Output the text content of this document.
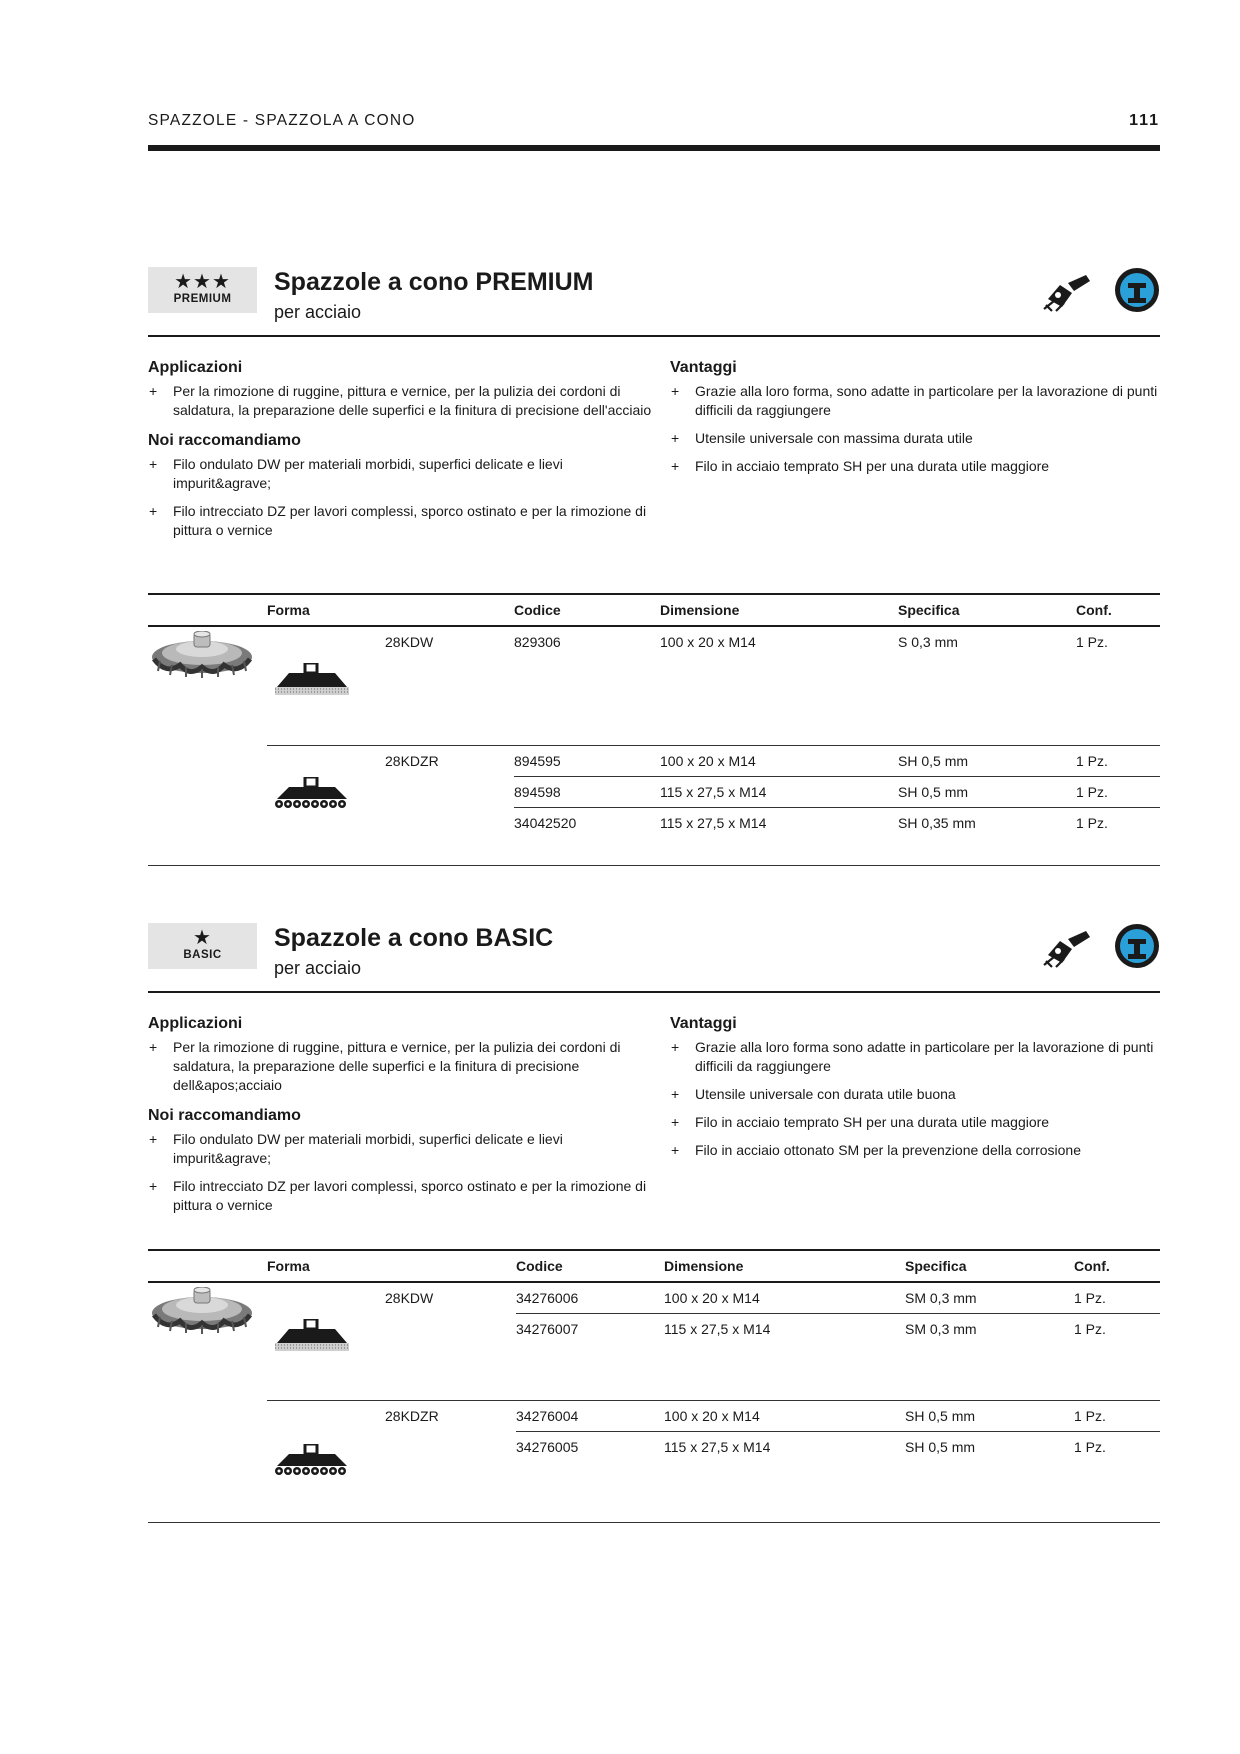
SPAZZOLE - SPAZZOLA A CONO	111
★★★
PREMIUM
Spazzole a cono PREMIUM
per acciaio
Applicazioni
+ Per la rimozione di ruggine, pittura e vernice, per la pulizia dei cordoni di saldatura, la preparazione delle superfici e la finitura di precisione dell'acciaio
Noi raccomandiamo
+ Filo ondulato DW per materiali morbidi, superfici delicate e lievi impurit&agrave;
+ Filo intrecciato DZ per lavori complessi, sporco ostinato e per la rimozione di pittura o vernice
Vantaggi
+ Grazie alla loro forma, sono adatte in particolare per la lavorazione di punti difficili da raggiungere
+ Utensile universale con massima durata utile
+ Filo in acciaio temprato SH per una durata utile maggiore
	Forma		Codice	Dimensione	Specifica	Conf.
		28KDW	829306	100 x 20 x M14	S 0,3 mm	1 Pz.

		28KDZR	894595	100 x 20 x M14	SH 0,5 mm	1 Pz.
			894598	115 x 27,5 x M14	SH 0,5 mm	1 Pz.
			34042520	115 x 27,5 x M14	SH 0,35 mm	1 Pz.
★
BASIC
Spazzole a cono BASIC
per acciaio
Applicazioni
+ Per la rimozione di ruggine, pittura e vernice, per la pulizia dei cordoni di saldatura, la preparazione delle superfici e la finitura di precisione dell&apos;acciaio
Noi raccomandiamo
+ Filo ondulato DW per materiali morbidi, superfici delicate e lievi impurit&agrave;
+ Filo intrecciato DZ per lavori complessi, sporco ostinato e per la rimozione di pittura o vernice
Vantaggi
+ Grazie alla loro forma sono adatte in particolare per la lavorazione di punti difficili da raggiungere
+ Utensile universale con durata utile buona
+ Filo in acciaio temprato SH per una durata utile maggiore
+ Filo in acciaio ottonato SM per la prevenzione della corrosione
	Forma		Codice	Dimensione	Specifica	Conf.
		28KDW	34276006	100 x 20 x M14	SM 0,3 mm	1 Pz.
			34276007	115 x 27,5 x M14	SM 0,3 mm	1 Pz.

		28KDZR	34276004	100 x 20 x M14	SH 0,5 mm	1 Pz.
			34276005	115 x 27,5 x M14	SH 0,5 mm	1 Pz.
